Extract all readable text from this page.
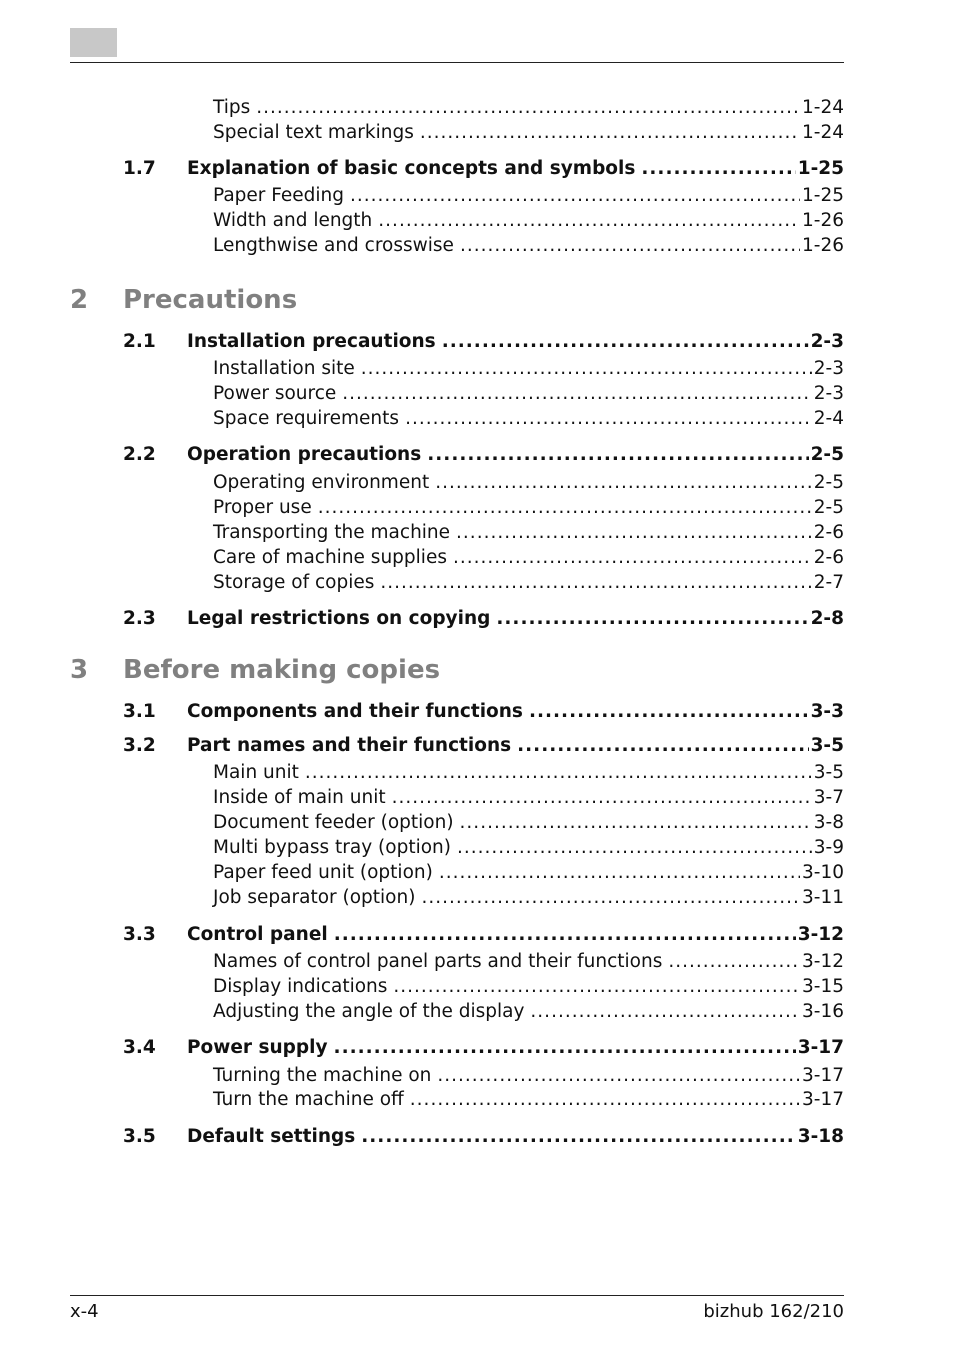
2 Precautions
3 Before making copies
Tips .....	1-24
Special text markings .....	1-24
1.7 Explanation of basic concepts and symbols .....	1-25
Paper Feeding .....	1-25
Width and length .....	1-26
Lengthwise and crosswise .....	1-26
2.1 Installation precautions .....	2-3
Installation site .....	2-3
Power source .....	2-3
Space requirements .....	2-4
2.2 Operation precautions .....	2-5
Operating environment .....	2-5
Proper use .....	2-5
Transporting the machine .....	2-6
Care of machine supplies .....	2-6
Storage of copies .....	2-7
2.3 Legal restrictions on copying .....	2-8
3.1 Components and their functions .....	3-3
3.2 Part names and their functions .....	3-5
Main unit .....	3-5
Inside of main unit .....	3-7
Document feeder (option) .....	3-8
Multi bypass tray (option) .....	3-9
Paper feed unit (option) .....	3-10
Job separator (option) .....	3-11
3.3 Control panel .....	3-12
Names of control panel parts and their functions .....	3-12
Display indications .....	3-15
Adjusting the angle of the display .....	3-16
3.4 Power supply .....	3-17
Turning the machine on .....	3-17
Turn the machine off .....	3-17
3.5 Default settings .....	3-18
x-4	bizhub 162/210
